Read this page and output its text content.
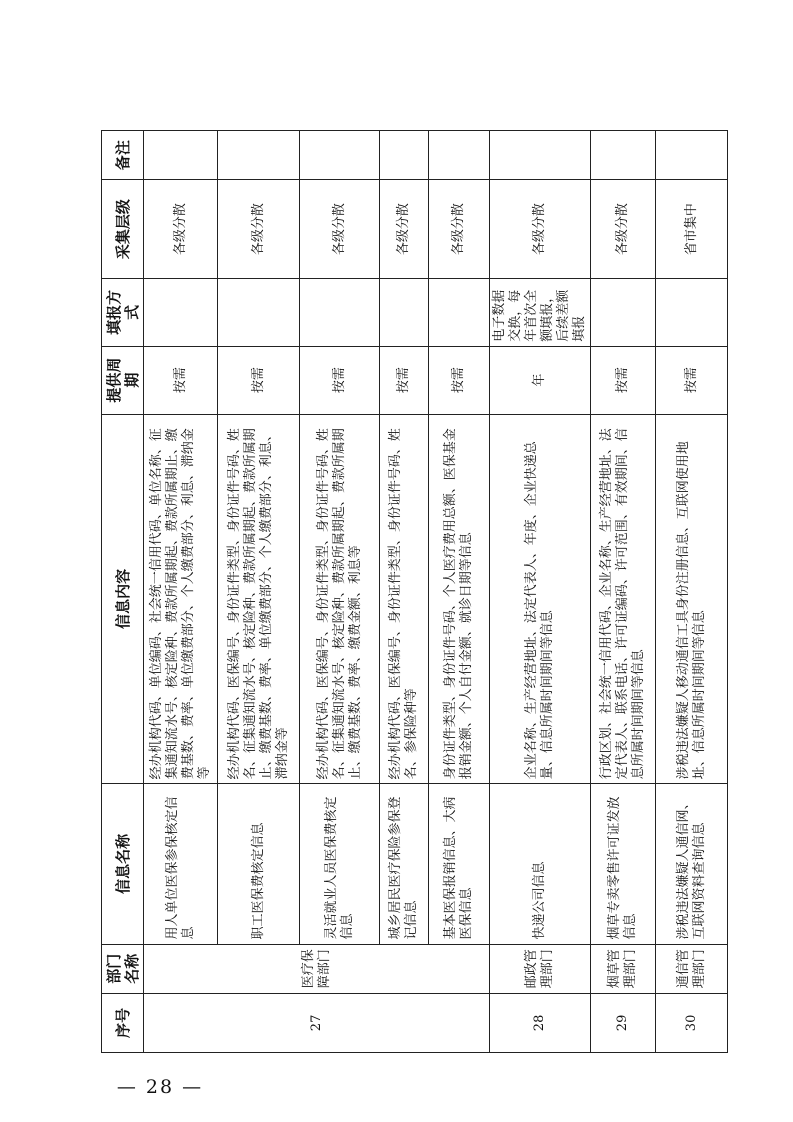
序号	部门名称	信息名称	信息内容	提供周期	填报方式	采集层级	备注
27	医疗保障部门	用人单位医保参保核定信息	经办机构代码、单位编码、社会统一信用代码、单位名称、征集通知流水号、核定险种、费款所属期起、费款所属期止、缴费基数、费率、单位缴费部分、个人缴费部分、利息、滞纳金等	按需		各级分散	
		职工医保费核定信息	经办机构代码、医保编号、身份证件类型、身份证件号码、姓名、征集通知流水号、核定险种、费款所属期起、费款所属期止、缴费基数、费率、单位缴费部分、个人缴费部分、利息、滞纳金等	按需		各级分散	
		灵活就业人员医保费核定信息	经办机构代码、医保编号、身份证件类型、身份证件号码、姓名、征集通知流水号、核定险种、费款所属期起、费款所属期止、缴费基数、费率、缴费金额、利息等	按需		各级分散	
		城乡居民医疗保险参保登记信息	经办机构代码、医保编号、身份证件类型、身份证件号码、姓名、参保险种等	按需		各级分散	
		基本医保报销信息、大病医保信息	身份证件类型、身份证件号码、个人医疗费用总额、医保基金报销金额、个人自付金额、就诊日期等信息	按需		各级分散	
28	邮政管理部门	快递公司信息	企业名称、生产经营地址、法定代表人、年度、企业快递总量、信息所属时间期间等信息	年	电子数据交换，每年首次全额填报，后续差额填报	各级分散	
29	烟草管理部门	烟草专卖零售许可证发放信息	行政区划、社会统一信用代码、企业名称、生产经营地址、法定代表人、联系电话、许可证编码、许可范围、有效期间、信息所属时间期间等信息	按需		各级分散	
30	通信管理部门	涉税违法嫌疑人通信网、互联网资料查询信息	涉税违法嫌疑人移动通信工具身份注册信息、互联网使用地址、信息所属时间期间等信息	按需		省市集中	
— 28 —
